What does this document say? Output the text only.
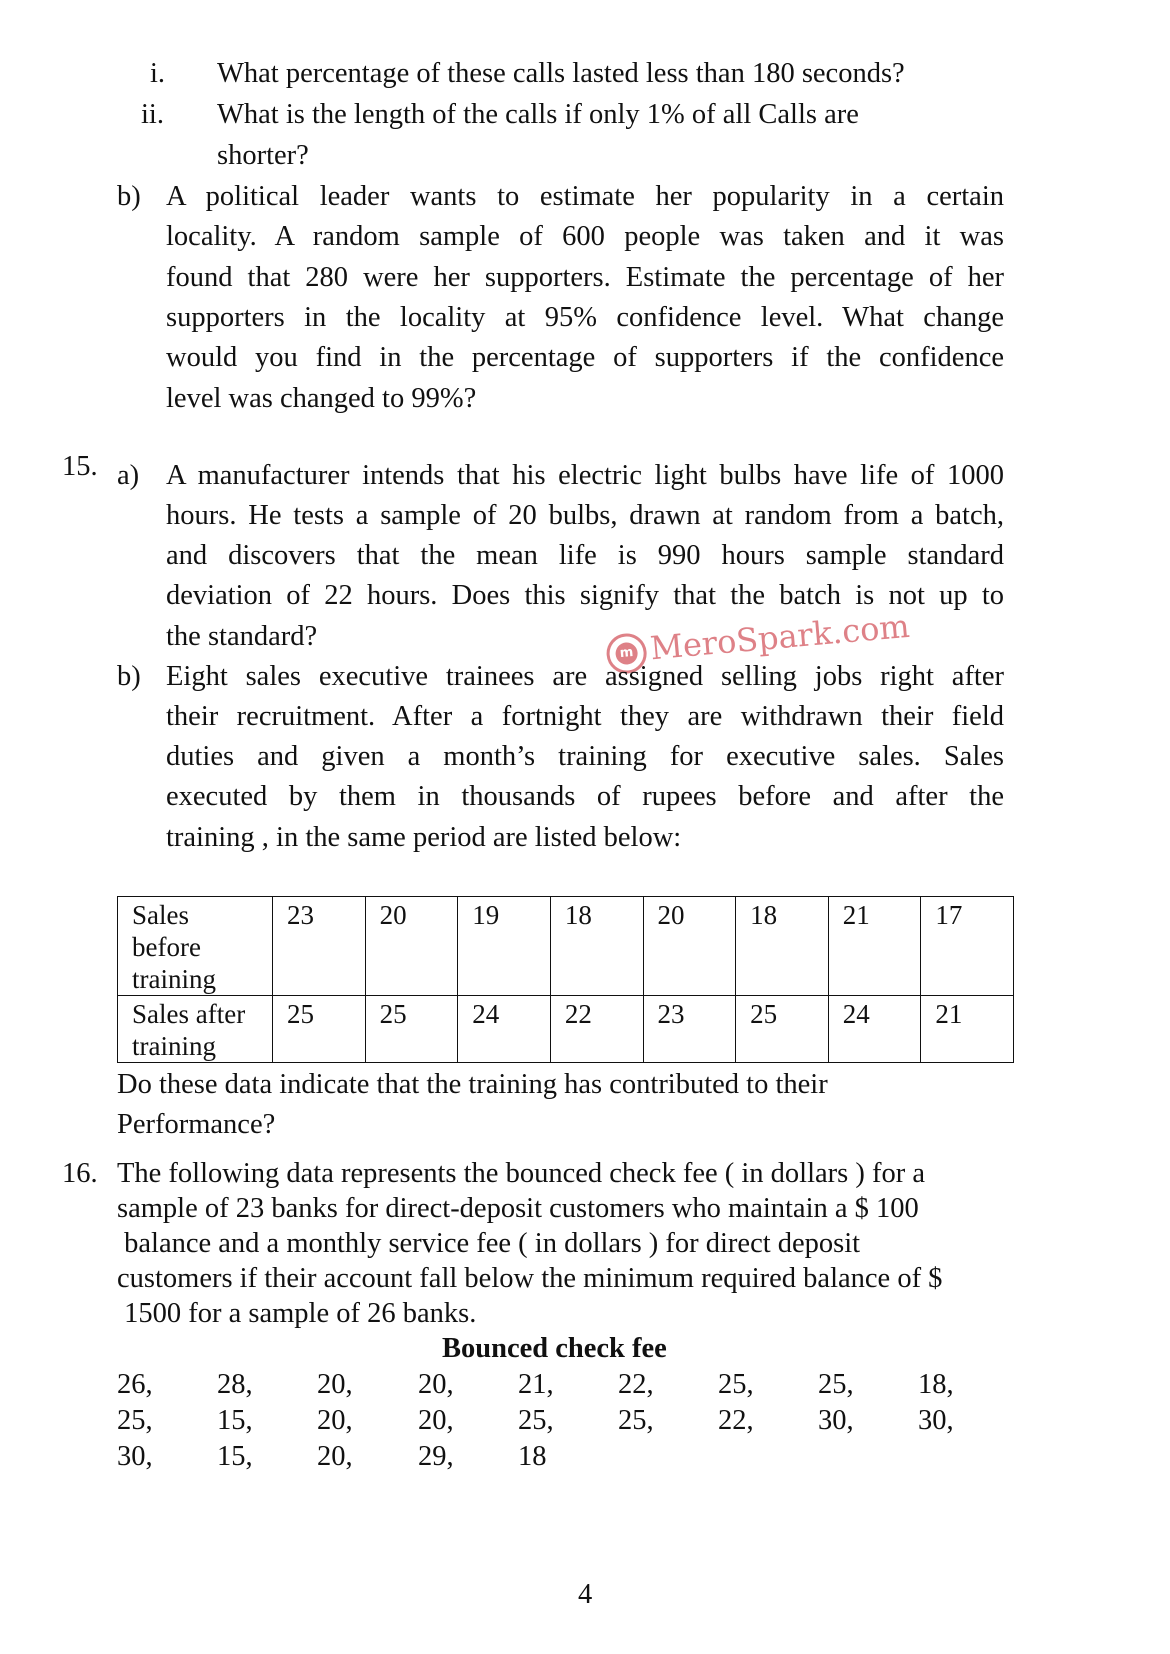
i. What percentage of these calls lasted less than 180 seconds?
ii. What is the length of the calls if only 1% of all Calls are
shorter?
b) A political leader wants to estimate her popularity in a certain
locality. A random sample of 600 people was taken and it was
found that 280 were her supporters. Estimate the percentage of her
supporters in the locality at 95% confidence level. What change
would you find in the percentage of supporters if the confidence
level was changed to 99%?
15. a) A manufacturer intends that his electric light bulbs have life of 1000
hours. He tests a sample of 20 bulbs, drawn at random from a batch,
and discovers that the mean life is 990 hours sample standard
deviation of 22 hours. Does this signify that the batch is not up to
the standard?
m MeroSpark.com
b) Eight sales executive trainees are assigned selling jobs right after
their recruitment. After a fortnight they are withdrawn their field
duties and given a month’s training for executive sales. Sales
executed by them in thousands of rupees before and after the
training , in the same period are listed below:
Sales
before
training	23	20	19	18	20	18	21	17

Sales after
training	25	25	24	22	23	25	24	21
Do these data indicate that the training has contributed to their
Performance?
16. The following data represents the bounced check fee ( in dollars ) for a
sample of 23 banks for direct-deposit customers who maintain a $ 100
balance and a monthly service fee ( in dollars ) for direct deposit
customers if their account fall below the minimum required balance of $
1500 for a sample of 26 banks.
Bounced check fee
26, 28, 20, 20, 21, 22, 25, 25, 18,
25, 15, 20, 20, 25, 25, 22, 30, 30,
30, 15, 20, 29, 18
4
